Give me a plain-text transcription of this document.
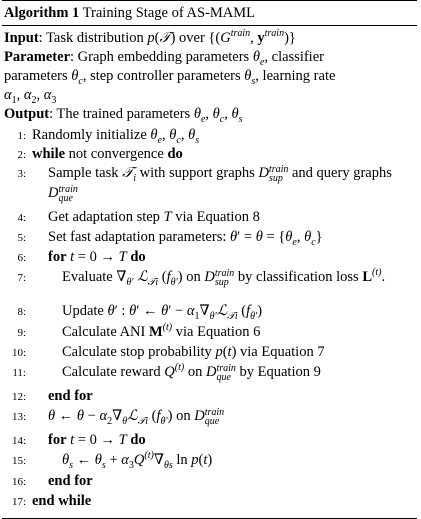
Algorithm 1 Training Stage of AS-MAML
Input: Task distribution p(𝒯) over {($G^{train}$, $y^{train}$)}
Parameter: Graph embedding parameters $\theta_e$, classifier
parameters $\theta_c$, step controller parameters $\theta_s$, learning rate
$\alpha_1$, $\alpha_2$, $\alpha_3$
Output: The trained parameters $\theta_e$, $\theta_c$, $\theta_s$
1: Randomly initialize $\theta_e$, $\theta_c$, $\theta_s$
2: while not convergence do
3: Sample task 𝒯$_i$ with support graphs Dtrain
sup and query graphs
Dtrain
que
4: Get adaptation step T via Equation 8
5: Set fast adaptation parameters: $\theta' = \theta = \{\theta_e$, $\theta_c$}
6: for t = 0 → T do
7: Evaluate $\nabla_{\theta'}$ ℒ$_{𝒯i}$ $(f_{\theta'})$ on Dtrain
sup by classification loss $L^{(t)}$.
8: Update θ′ : θ′ ← $\theta' - \alpha_1\nabla_{\theta'}ℒ_{𝒯i}$ $(f_{\theta'})$
9: Calculate ANI $M^{(t)}$ via Equation 6
10: Calculate stop probability p(t) via Equation 7
11: Calculate reward $Q^{(t)}$ on Dtrain
que by Equation 9
12: end for
13: θ ← $\theta - \alpha_2\nabla_\theta ℒ_{𝒯i}$ $(f_{\theta'})$ on Dtrain
que
14: for t = 0 → T do
15: $\theta_s$ ← $\theta_s + \alpha_3Q^{(t)}\nabla_{\theta s}$ ln p(t)
16: end for
17: end while
